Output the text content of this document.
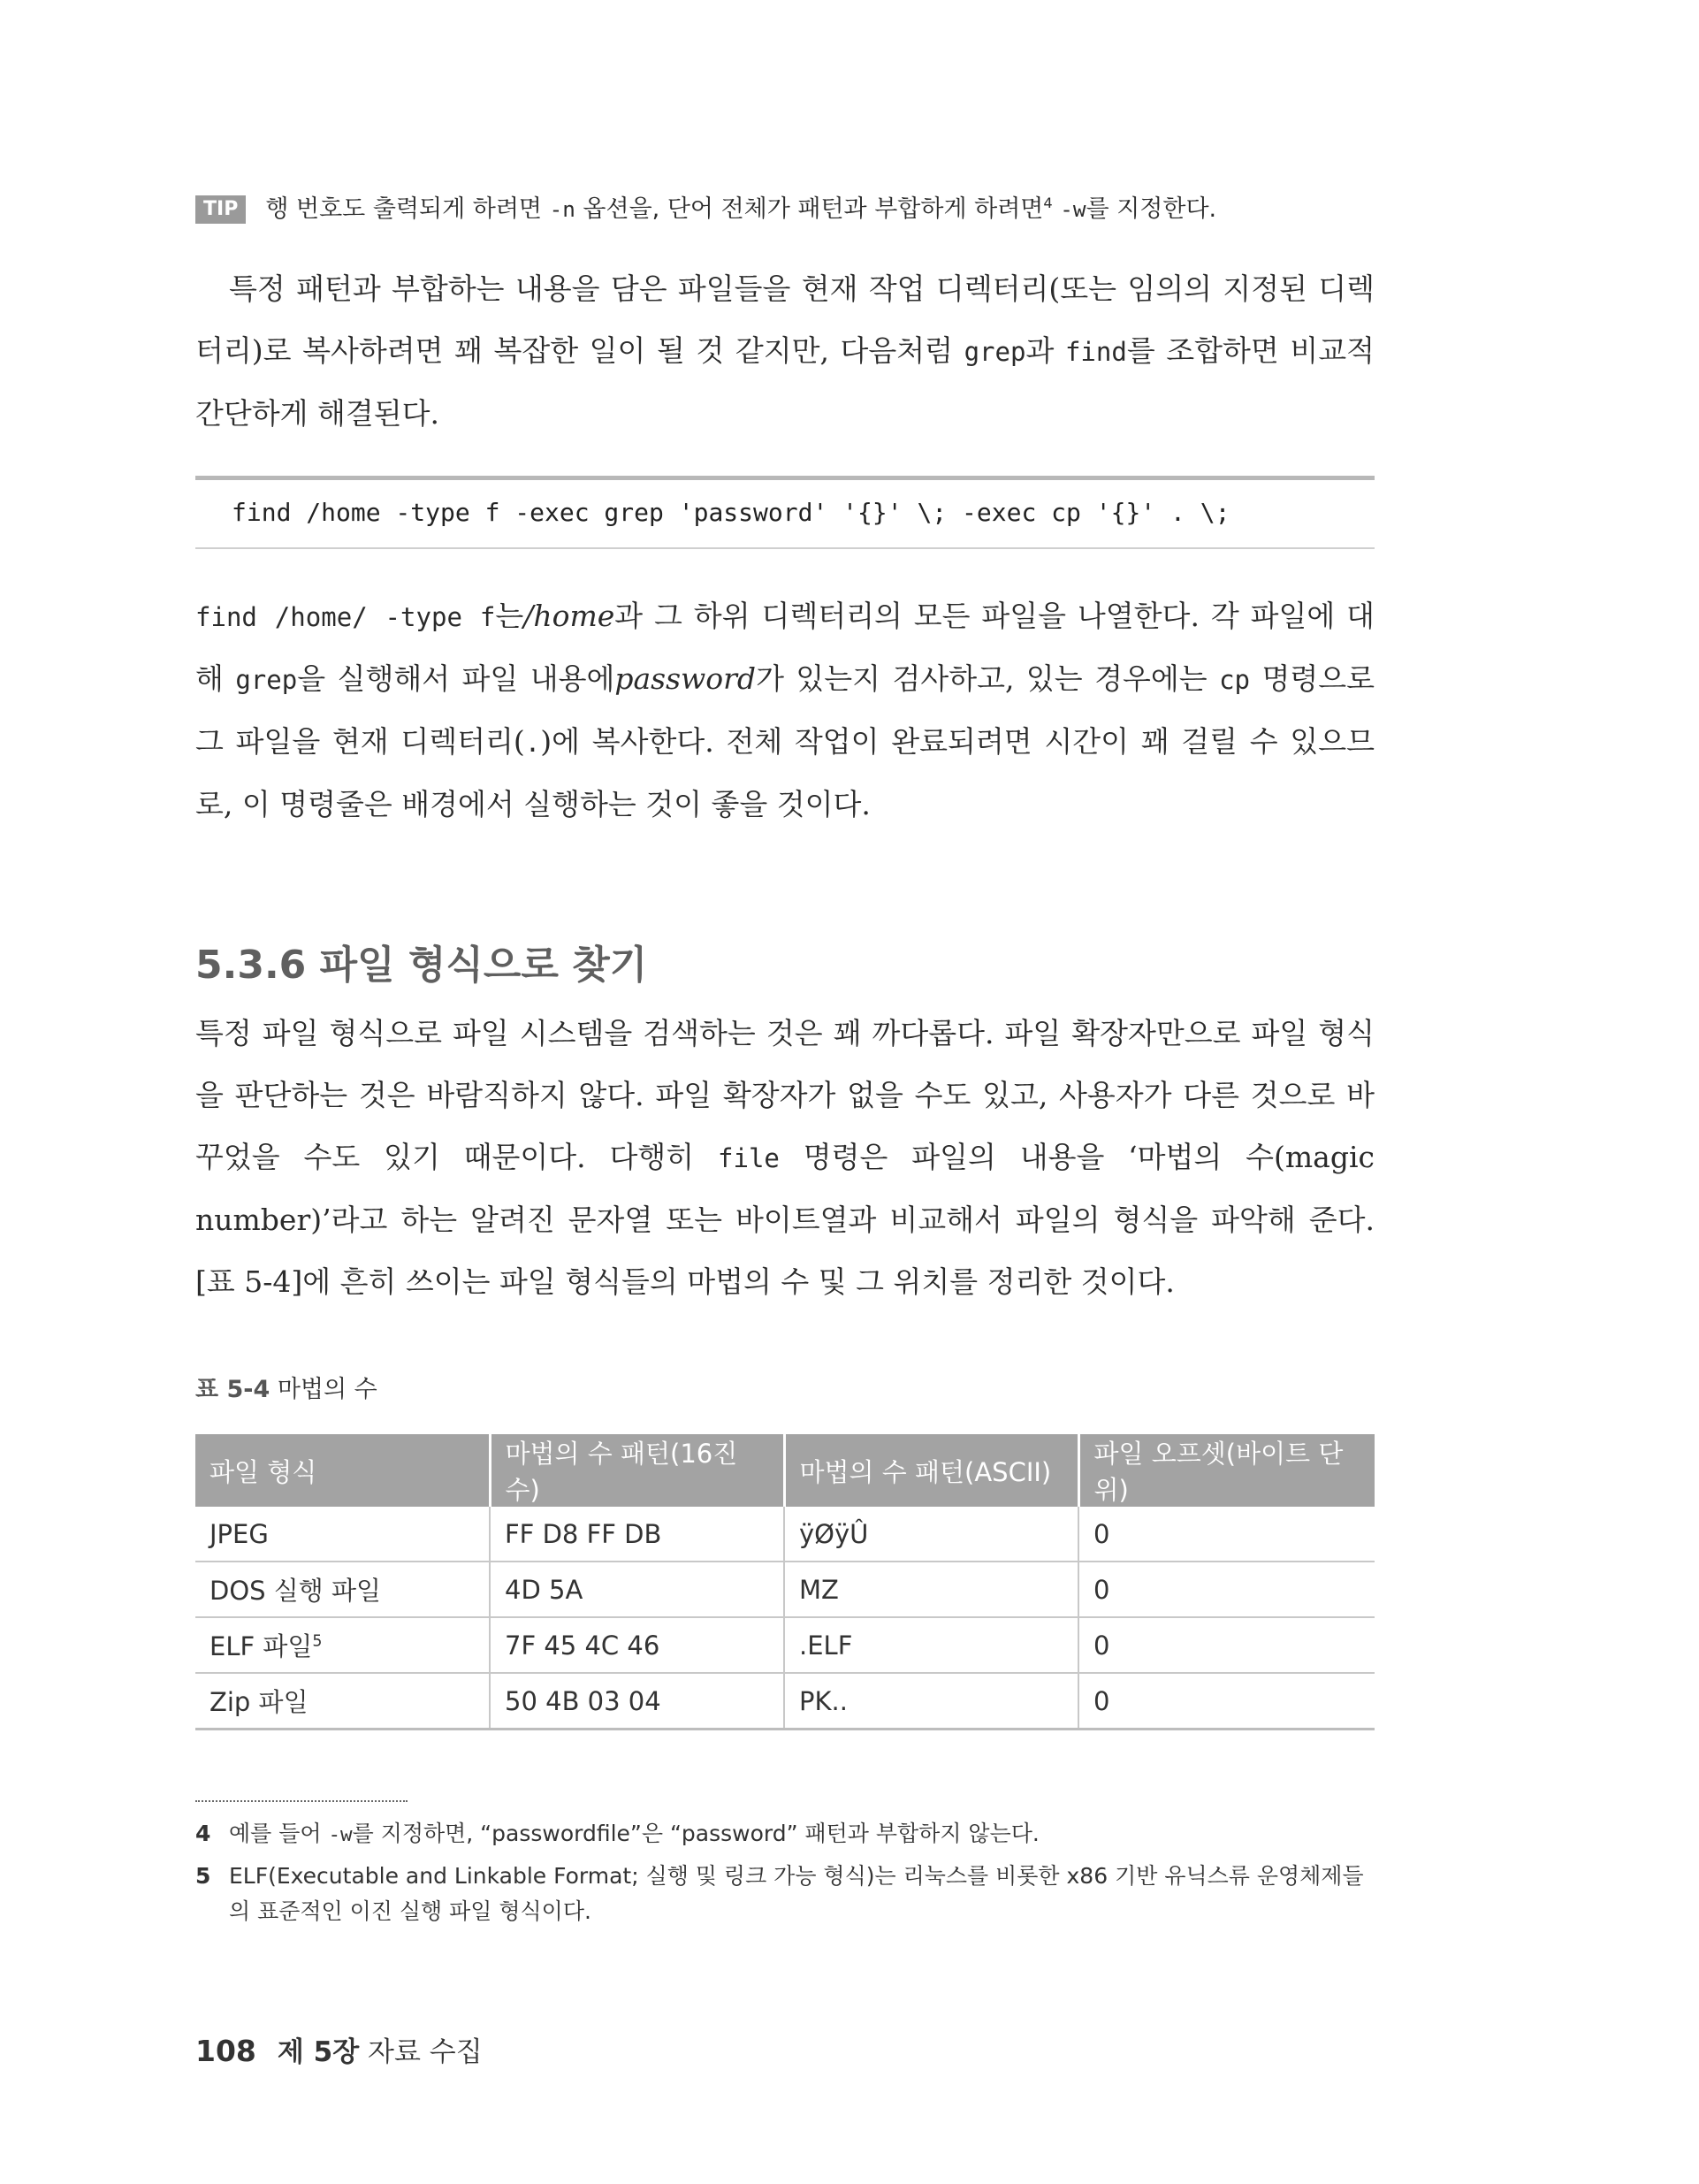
TIP 행 번호도 출력되게 하려면 -n 옵션을, 단어 전체가 패턴과 부합하게 하려면$^4$ -w를 지정한다.
특정 패턴과 부합하는 내용을 담은 파일들을 현재 작업 디렉터리(또는 임의의 지정된 디렉터리)로 복사하려면 꽤 복잡한 일이 될 것 같지만, 다음처럼 grep과 find를 조합하면 비교적 간단하게 해결된다.
find /home -type f -exec grep 'password' '{}' \; -exec cp '{}' . \;
find /home/ -type f는/home과 그 하위 디렉터리의 모든 파일을 나열한다. 각 파일에 대해 grep을 실행해서 파일 내용에password가 있는지 검사하고, 있는 경우에는 cp 명령으로 그 파일을 현재 디렉터리(.)에 복사한다. 전체 작업이 완료되려면 시간이 꽤 걸릴 수 있으므로, 이 명령줄은 배경에서 실행하는 것이 좋을 것이다.
5.3.6 파일 형식으로 찾기
특정 파일 형식으로 파일 시스템을 검색하는 것은 꽤 까다롭다. 파일 확장자만으로 파일 형식을 판단하는 것은 바람직하지 않다. 파일 확장자가 없을 수도 있고, 사용자가 다른 것으로 바꾸었을 수도 있기 때문이다. 다행히 file 명령은 파일의 내용을 ‘마법의 수(magic number)’라고 하는 알려진 문자열 또는 바이트열과 비교해서 파일의 형식을 파악해 준다. [표 5-4]에 흔히 쓰이는 파일 형식들의 마법의 수 및 그 위치를 정리한 것이다.
표 5-4 마법의 수
파일 형식	마법의 수 패턴(16진수)	마법의 수 패턴(ASCII)	파일 오프셋(바이트 단위)
JPEG	FF D8 FF DB	ÿØÿÛ	0
DOS 실행 파일	4D 5A	MZ	0
ELF 파일$^5$	7F 45 4C 46	.ELF	0
Zip 파일	50 4B 03 04	PK..	0
4 예를 들어 -w를 지정하면, “passwordfile”은 “password” 패턴과 부합하지 않는다.
5 ELF(Executable and Linkable Format; 실행 및 링크 가능 형식)는 리눅스를 비롯한 x86 기반 유닉스류 운영체제들의 표준적인 이진 실행 파일 형식이다.
108 제 5장 자료 수집
